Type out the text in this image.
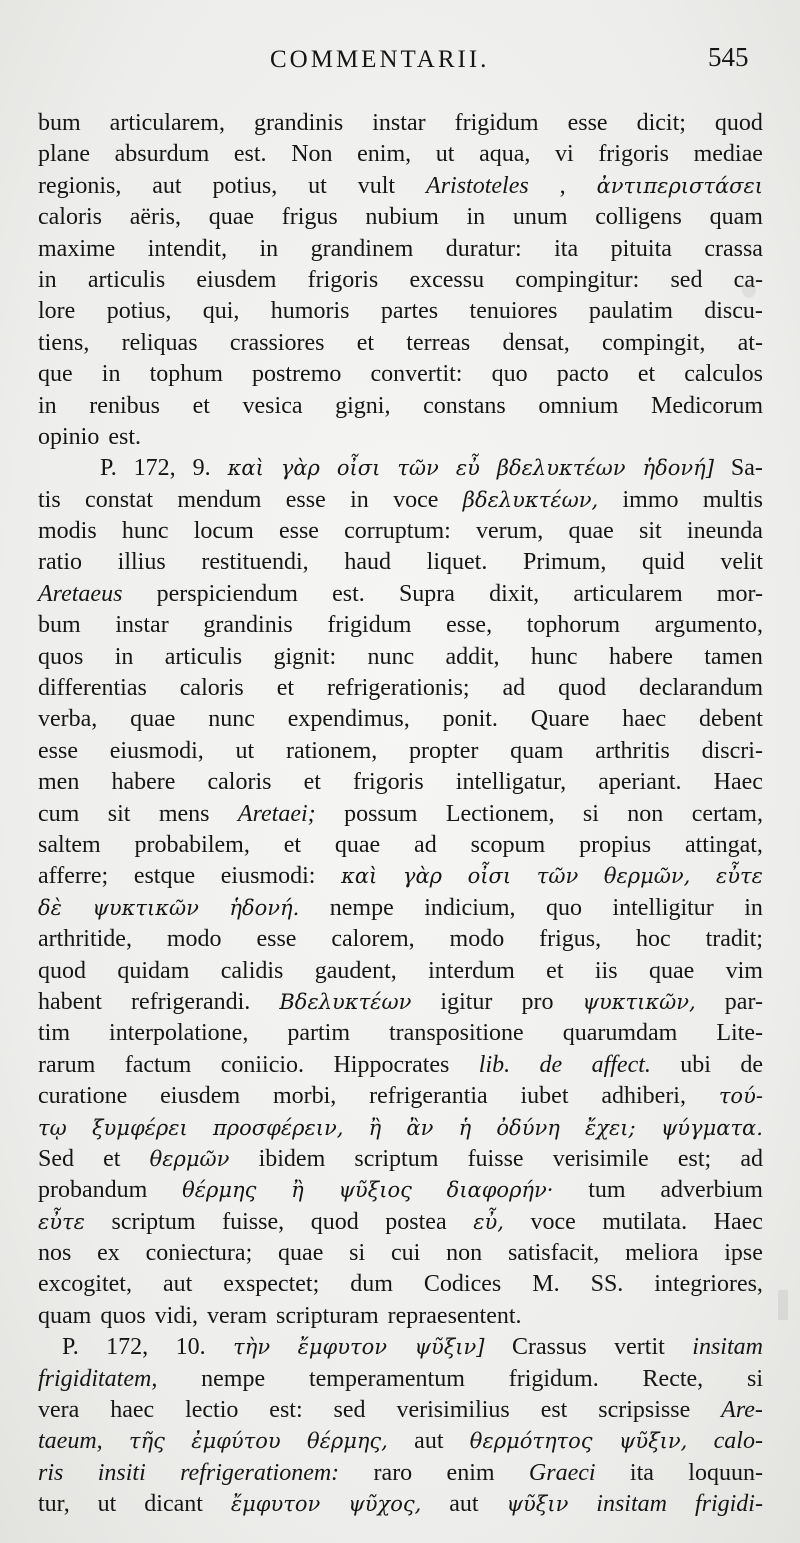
COMMENTARII.	545
bum articularem, grandinis instar frigidum esse dicit; quod
plane absurdum est. Non enim, ut aqua, vi frigoris mediae
regionis, aut potius, ut vult Aristoteles , ἀντιπεριστάσει
caloris aëris, quae frigus nubium in unum colligens quam
maxime intendit, in grandinem duratur: ita pituita crassa
in articulis eiusdem frigoris excessu compingitur: sed ca-
lore potius, qui, humoris partes tenuiores paulatim discu-
tiens, reliquas crassiores et terreas densat, compingit, at-
que in tophum postremo convertit: quo pacto et calculos
in renibus et vesica gigni, constans omnium Medicorum
opinio est.
P. 172, 9. καὶ γὰρ οἶσι τῶν εὖ βδελυκτέων ἡδονή] Sa-
tis constat mendum esse in voce βδελυκτέων, immo multis
modis hunc locum esse corruptum: verum, quae sit ineunda
ratio illius restituendi, haud liquet. Primum, quid velit
Aretaeus perspiciendum est. Supra dixit, articularem mor-
bum instar grandinis frigidum esse, tophorum argumento,
quos in articulis gignit: nunc addit, hunc habere tamen
differentias caloris et refrigerationis; ad quod declarandum
verba, quae nunc expendimus, ponit. Quare haec debent
esse eiusmodi, ut rationem, propter quam arthritis discri-
men habere caloris et frigoris intelligatur, aperiant. Haec
cum sit mens Aretaei; possum Lectionem, si non certam,
saltem probabilem, et quae ad scopum propius attingat,
afferre; estque eiusmodi: καὶ γὰρ οἶσι τῶν θερμῶν, εὖτε
δὲ ψυκτικῶν ἡδονή. nempe indicium, quo intelligitur in
arthritide, modo esse calorem, modo frigus, hoc tradit;
quod quidam calidis gaudent, interdum et iis quae vim
habent refrigerandi. Βδελυκτέων igitur pro ψυκτικῶν, par-
tim interpolatione, partim transpositione quarumdam Lite-
rarum factum coniicio. Hippocrates lib. de affect. ubi de
curatione eiusdem morbi, refrigerantia iubet adhiberi, τού-
τῳ ξυμφέρει προσφέρειν, ἢ ἂν ἡ ὀδύνη ἔχει; ψύγματα.
Sed et θερμῶν ibidem scriptum fuisse verisimile est; ad
probandum θέρμης ἢ ψῦξιος διαφορήν· tum adverbium
εὖτε scriptum fuisse, quod postea εὖ, voce mutilata. Haec
nos ex coniectura; quae si cui non satisfacit, meliora ipse
excogitet, aut exspectet; dum Codices M. SS. integriores,
quam quos vidi, veram scripturam repraesentent.
P. 172, 10. τὴν ἔμφυτον ψῦξιν] Crassus vertit insitam
frigiditatem, nempe temperamentum frigidum. Recte, si
vera haec lectio est: sed verisimilius est scripsisse Are-
taeum, τῆς ἐμφύτου θέρμης, aut θερμότητος ψῦξιν, calo-
ris insiti refrigerationem: raro enim Graeci ita loquun-
tur, ut dicant ἔμφυτον ψῦχος, aut ψῦξιν insitam frigidi-
